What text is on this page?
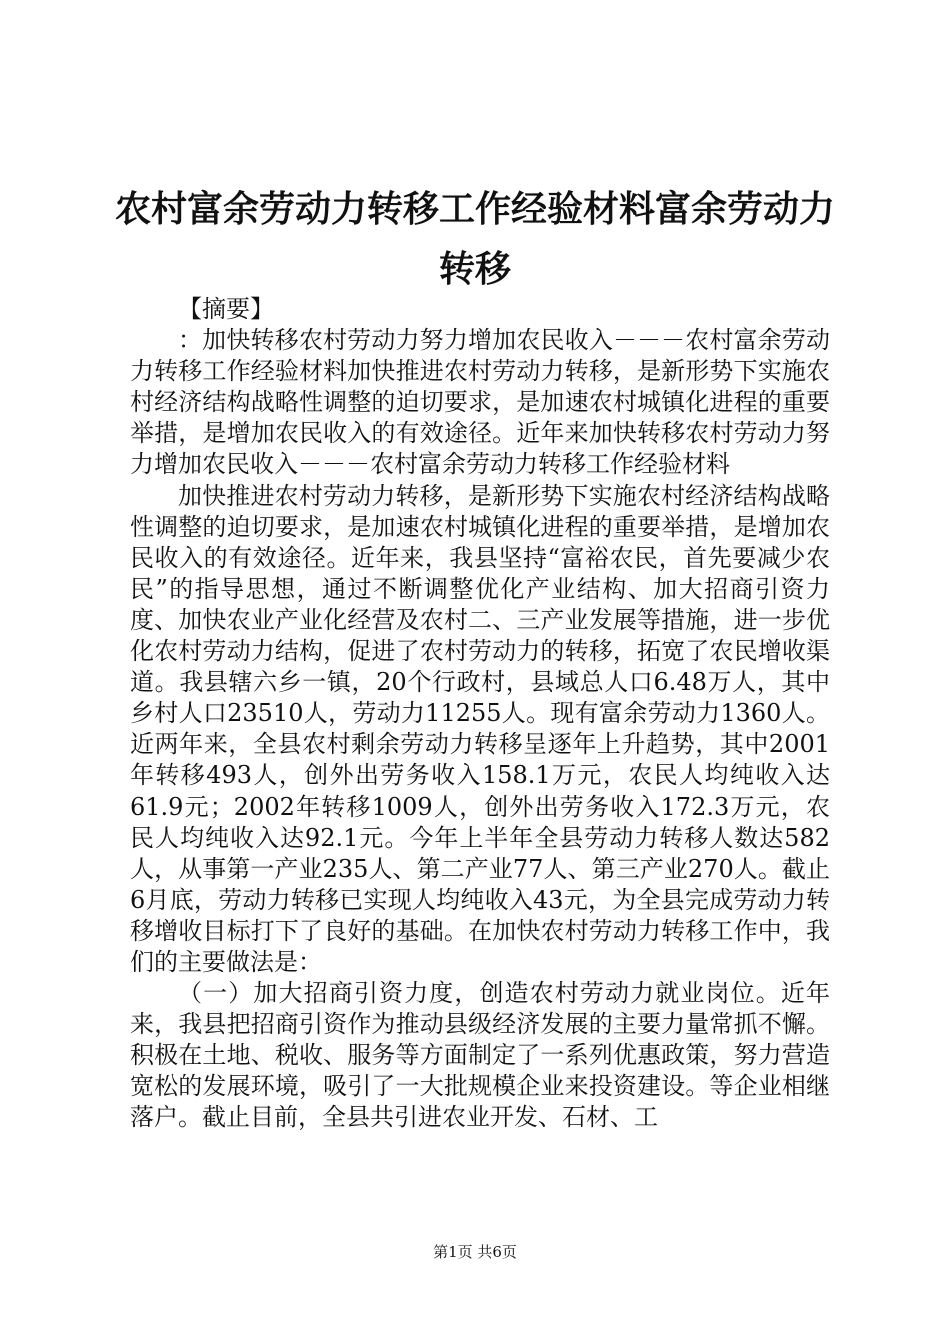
农村富余劳动力转移工作经验材料富余劳动力
转移

【摘要】

：加快转移农村劳动力努力增加农民收入－－－农村富余劳动力转移工作经验材料加快推进农村劳动力转移，是新形势下实施农村经济结构战略性调整的迫切要求，是加速农村城镇化进程的重要举措，是增加农民收入的有效途径。近年来加快转移农村劳动力努力增加农民收入－－－农村富余劳动力转移工作经验材料

加快推进农村劳动力转移，是新形势下实施农村经济结构战略性调整的迫切要求，是加速农村城镇化进程的重要举措，是增加农民收入的有效途径。近年来，我县坚持“富裕农民，首先要减少农民”的指导思想，通过不断调整优化产业结构、加大招商引资力度、加快农业产业化经营及农村二、三产业发展等措施，进一步优化农村劳动力结构，促进了农村劳动力的转移，拓宽了农民增收渠道。我县辖六乡一镇，20个行政村，县域总人口6.48万人，其中乡村人口23510人，劳动力11255人。现有富余劳动力1360人。近两年来，全县农村剩余劳动力转移呈逐年上升趋势，其中2001年转移493人，创外出劳务收入158.1万元，农民人均纯收入达61.9元；2002年转移1009人，创外出劳务收入172.3万元，农民人均纯收入达92.1元。今年上半年全县劳动力转移人数达582人，从事第一产业235人、第二产业77人、第三产业270人。截止6月底，劳动力转移已实现人均纯收入43元，为全县完成劳动力转移增收目标打下了良好的基础。在加快农村劳动力转移工作中，我们的主要做法是：

（一）加大招商引资力度，创造农村劳动力就业岗位。近年来，我县把招商引资作为推动县级经济发展的主要力量常抓不懈。积极在土地、税收、服务等方面制定了一系列优惠政策，努力营造宽松的发展环境，吸引了一大批规模企业来投资建设。等企业相继落户。截止目前，全县共引进农业开发、石材、工

第1页 共6页
